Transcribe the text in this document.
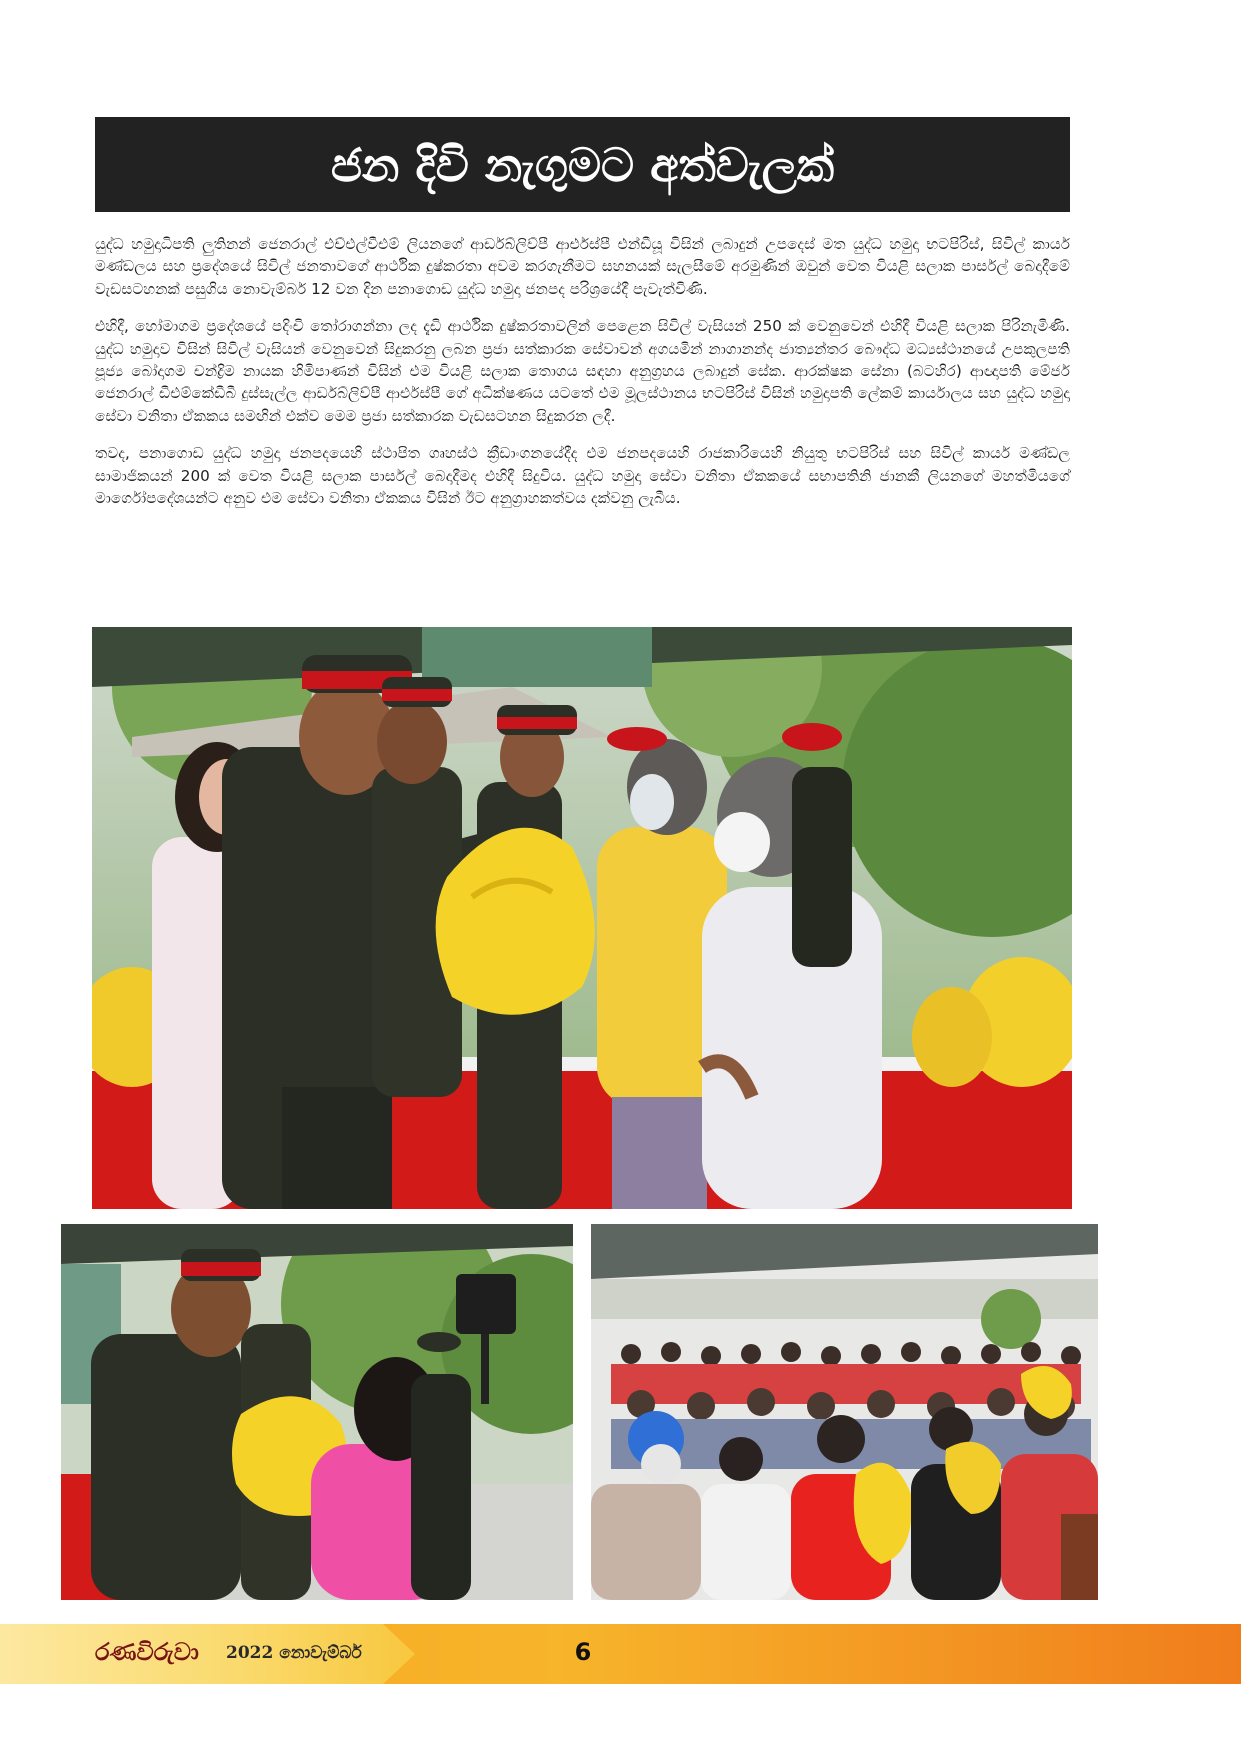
ජන දිවි නැගුමට අත්වැලක්

යුද්ධ හමුදාධිපති ලුතිනන් ජෙනරාල් එච්එල්වීඑම් ලියනගේ ආර්ඩබ්ලිව්පී ආර්එස්පී එන්ඩීයූ විසින් ලබාදුන් උපදෙස් මත යුද්ධ හමුදා භටපිරිස්, සිවිල් කාර්ය මණ්ඩලය සහ ප්‍රදේශයේ සිවිල් ජනතාවගේ ආර්ථික දුෂ්කරතා අවම කරගැනීමට සහනයක් සැලසීමේ අරමුණින් ඔවුන් වෙත වියළි සලාක පාර්සල් බෙදාදීමේ වැඩසටහනක් පසුගිය නොවැම්බර් 12 වන දින පනාගොඩ යුද්ධ හමුදා ජනපද පරිශ්‍රයේදී පැවැත්විණි.

එහිදී, හෝමාගම ප්‍රදේශයේ පදිංචි තෝරාගන්නා ලද දැඩි ආර්ථික දුෂ්කරතාවලින් පෙළෙන සිවිල් වැසියන් 250 ක් වෙනුවෙන් එහිදී වියළි සලාක පිරිනැමිණි. යුද්ධ හමුදාව විසින් සිවිල් වැසියන් වෙනුවෙන් සිදුකරනු ලබන ප්‍රජා සත්කාරක සේවාවන් අගයමින් නාගානන්ද ජාත්‍යන්තර බෞද්ධ මධ්‍යස්ථානයේ උපකුලපති පූජ්‍ය බෝදාගම චන්ද්‍රිම නායක හිමිපාණන් විසින් එම වියළි සලාක තොගය සඳහා අනුග්‍රහය ලබාදුන් සේක. ආරක්ෂක සේනා (බටහිර) ආඥාපති මේජර් ජෙනරාල් ඩීඑම්කේඩීබී දුස්සැල්ල ආර්ඩබ්ලිව්පී ආර්එස්පී ගේ අධීක්ෂණය යටතේ එම මූලස්ථානය භටපිරිස් විසින් හමුදාපති ලේකම් කාර්යාලය සහ යුද්ධ හමුදා සේවා වනිතා ඒකකය සමඟින් එක්ව මෙම ප්‍රජා සත්කාරක වැඩසටහන සිදුකරන ලදී.

තවද, පනාගොඩ යුද්ධ හමුදා ජනපදයෙහි ස්ථාපිත ගෘහස්ථ ක්‍රීඩාංගනයේදීද එම ජනපදයෙහි රාජකාරියෙහි නියුතු භටපිරිස් සහ සිවිල් කාර්ය මණ්ඩල සාමාජිකයන් 200 ක් වෙත වියළි සලාක පාර්සල් බෙදාදීමද එහිදී සිදුවිය. යුද්ධ හමුදා සේවා වනිතා ඒකකයේ සභාපතිනි ජානකී ලියනගේ මහත්මියගේ මාර්ගෝපදේශයන්ට අනුව එම සේවා වනිතා ඒකකය විසින් ඊට අනුග්‍රාහකත්වය දක්වනු ලැබීය.

රණවිරුවා 2022 නොවැම්බර්	6
